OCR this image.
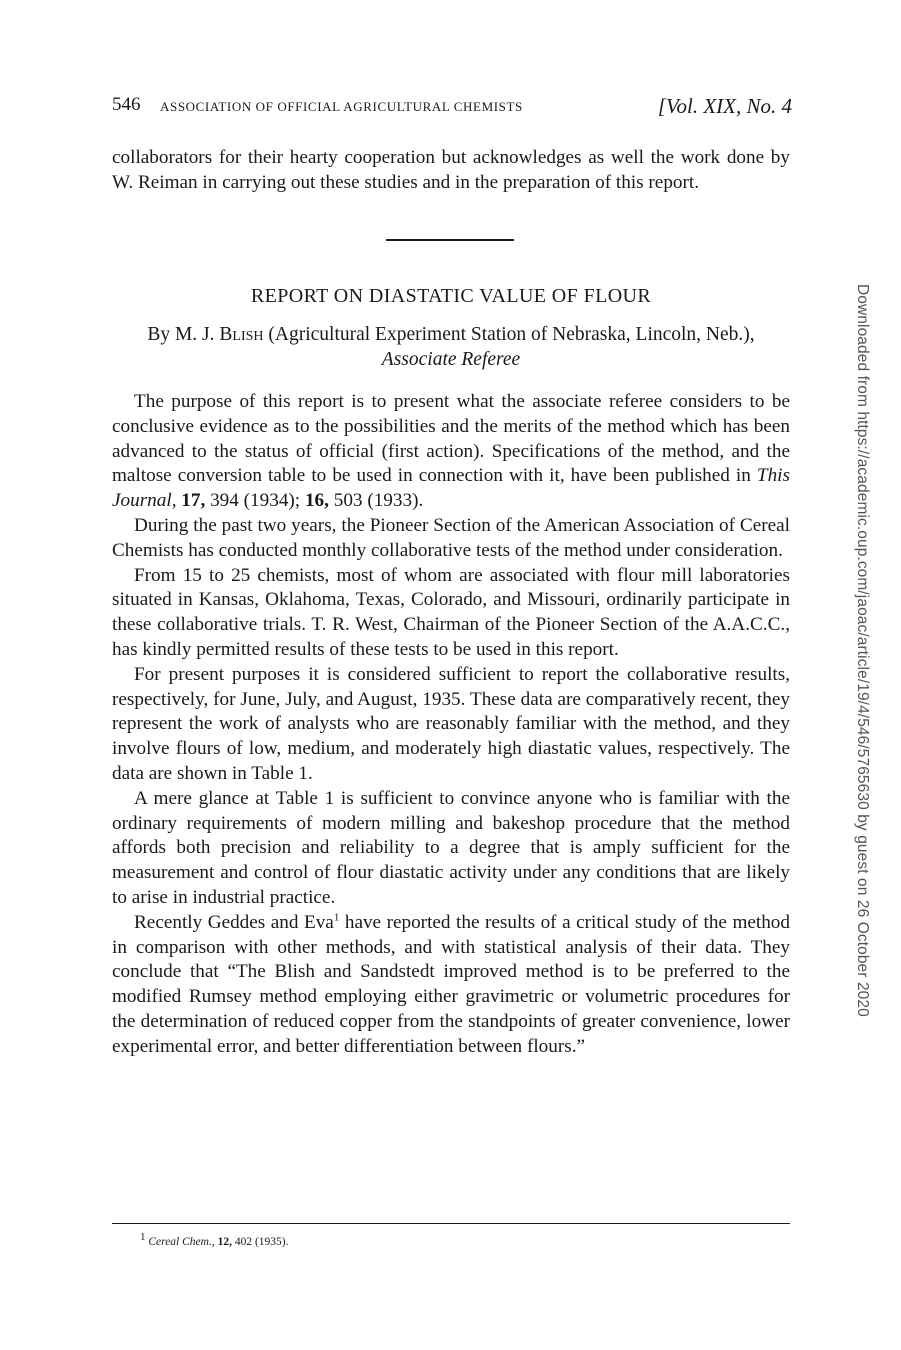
546 ASSOCIATION OF OFFICIAL AGRICULTURAL CHEMISTS	[Vol. XIX, No. 4

collaborators for their hearty cooperation but acknowledges as well the work done by W. Reiman in carrying out these studies and in the preparation of this report.

REPORT ON DIASTATIC VALUE OF FLOUR
By M. J. Blish (Agricultural Experiment Station of Nebraska, Lincoln, Neb.), Associate Referee

The purpose of this report is to present what the associate referee considers to be conclusive evidence as to the possibilities and the merits of the method which has been advanced to the status of official (first action). Specifications of the method, and the maltose conversion table to be used in connection with it, have been published in This Journal, 17, 394 (1934); 16, 503 (1933).

During the past two years, the Pioneer Section of the American Association of Cereal Chemists has conducted monthly collaborative tests of the method under consideration.

From 15 to 25 chemists, most of whom are associated with flour mill laboratories situated in Kansas, Oklahoma, Texas, Colorado, and Missouri, ordinarily participate in these collaborative trials. T. R. West, Chairman of the Pioneer Section of the A.A.C.C., has kindly permitted results of these tests to be used in this report.

For present purposes it is considered sufficient to report the collaborative results, respectively, for June, July, and August, 1935. These data are comparatively recent, they represent the work of analysts who are reasonably familiar with the method, and they involve flours of low, medium, and moderately high diastatic values, respectively. The data are shown in Table 1.

A mere glance at Table 1 is sufficient to convince anyone who is familiar with the ordinary requirements of modern milling and bakeshop procedure that the method affords both precision and reliability to a degree that is amply sufficient for the measurement and control of flour diastatic activity under any conditions that are likely to arise in industrial practice.

Recently Geddes and Eva$^1$ have reported the results of a critical study of the method in comparison with other methods, and with statistical analysis of their data. They conclude that “The Blish and Sandstedt improved method is to be preferred to the modified Rumsey method employing either gravimetric or volumetric procedures for the determination of reduced copper from the standpoints of greater convenience, lower experimental error, and better differentiation between flours.”

$^1$ Cereal Chem., 12, 402 (1935).
Downloaded from https://academic.oup.com/jaoac/article/19/4/546/5765630 by guest on 26 October 2020
